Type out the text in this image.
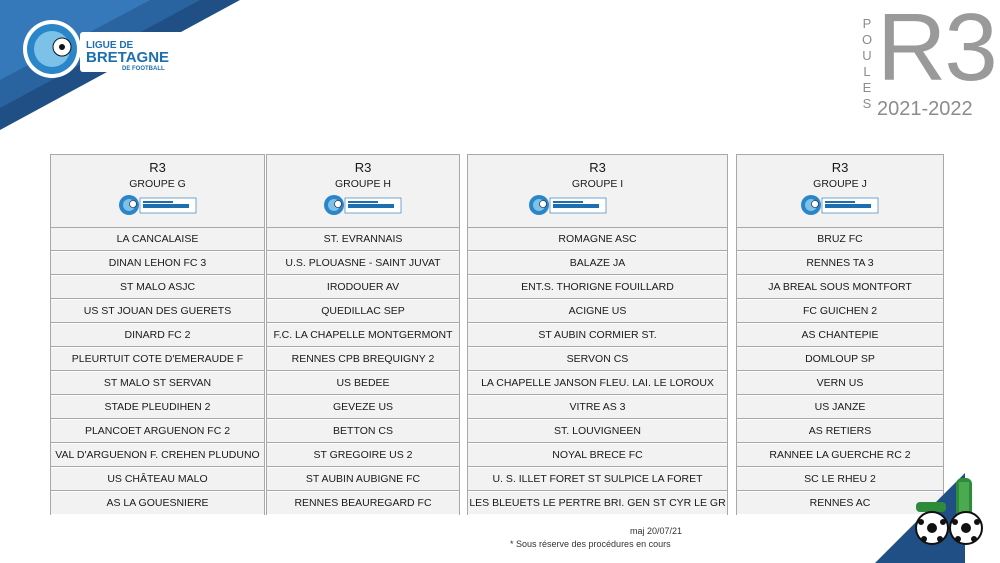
LIGUE DE
BRETAGNE
DE FOOTBALL
P
O
U
L
E
S
R3
2021-2022
R3
GROUPE G
LA CANCALAISE
DINAN LEHON FC 3
ST MALO ASJC
US ST JOUAN DES GUERETS
DINARD FC 2
PLEURTUIT COTE D'EMERAUDE F
ST MALO ST SERVAN
STADE PLEUDIHEN 2
PLANCOET ARGUENON FC 2
VAL D'ARGUENON F. CREHEN PLUDUNO
US CHÂTEAU MALO
AS LA GOUESNIERE
R3
GROUPE H
ST. EVRANNAIS
U.S. PLOUASNE - SAINT JUVAT
IRODOUER AV
QUEDILLAC SEP
F.C. LA CHAPELLE MONTGERMONT
RENNES CPB BREQUIGNY 2
US BEDEE
GEVEZE US
BETTON CS
ST GREGOIRE US 2
ST AUBIN AUBIGNE FC
RENNES BEAUREGARD FC
R3
GROUPE I
ROMAGNE ASC
BALAZE JA
ENT.S. THORIGNE FOUILLARD
ACIGNE US
ST AUBIN CORMIER ST.
SERVON CS
LA CHAPELLE JANSON FLEU. LAI. LE LOROUX
VITRE AS 3
ST. LOUVIGNEEN
NOYAL BRECE FC
U. S. ILLET FORET ST SULPICE LA FORET
LES BLEUETS LE PERTRE BRI. GEN ST CYR LE GR
R3
GROUPE J
BRUZ FC
RENNES TA 3
JA BREAL SOUS MONTFORT
FC GUICHEN 2
AS CHANTEPIE
DOMLOUP SP
VERN US
US JANZE
AS RETIERS
RANNEE LA GUERCHE RC 2
SC LE RHEU 2
RENNES AC
maj 20/07/21
* Sous réserve des procédures en cours
